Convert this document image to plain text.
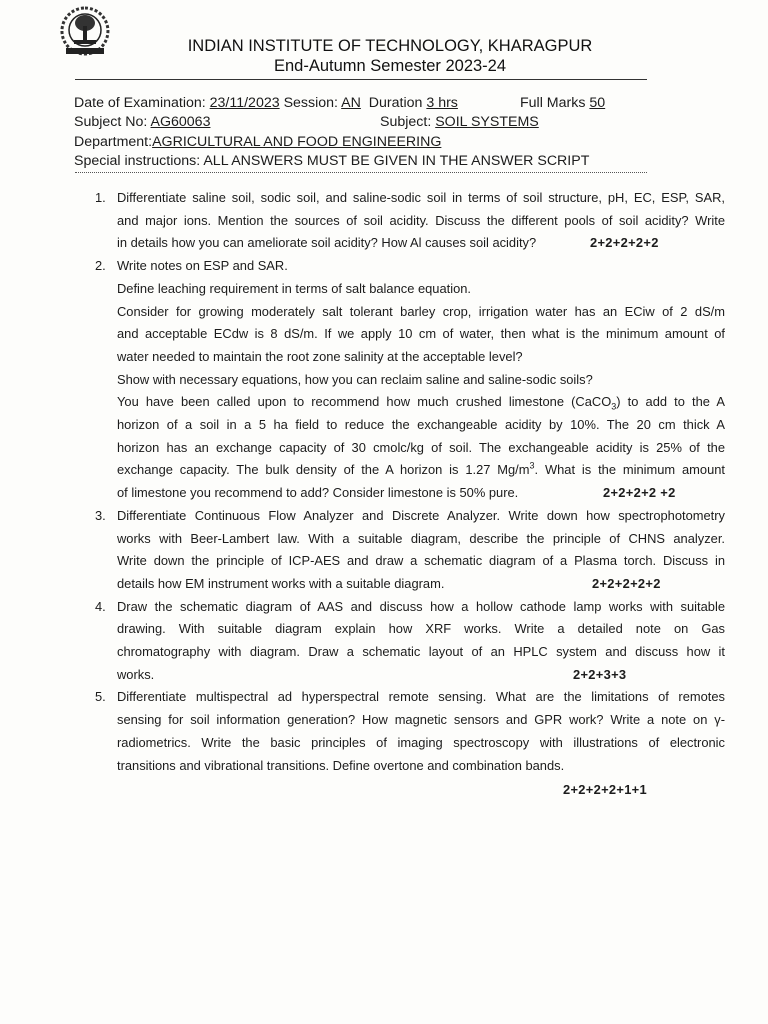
INDIAN INSTITUTE OF TECHNOLOGY, KHARAGPUR
End-Autumn Semester 2023-24
Date of Examination: 23/11/2023 Session: AN Duration 3 hrs	Full Marks 50
Subject No: AG60063	Subject: SOIL SYSTEMS
Department:AGRICULTURAL AND FOOD ENGINEERING
Special instructions: ALL ANSWERS MUST BE GIVEN IN THE ANSWER SCRIPT
1. Differentiate saline soil, sodic soil, and saline-sodic soil in terms of soil structure, pH, EC, ESP, SAR,
and major ions. Mention the sources of soil acidity. Discuss the different pools of soil acidity? Write
in details how you can ameliorate soil acidity? How Al causes soil acidity?	2+2+2+2+2
2. Write notes on ESP and SAR.
Define leaching requirement in terms of salt balance equation.
Consider for growing moderately salt tolerant barley crop, irrigation water has an ECiw of 2 dS/m
and acceptable ECdw is 8 dS/m. If we apply 10 cm of water, then what is the minimum amount of
water needed to maintain the root zone salinity at the acceptable level?
Show with necessary equations, how you can reclaim saline and saline-sodic soils?
You have been called upon to recommend how much crushed limestone (CaCO$_3$) to add to the A
horizon of a soil in a 5 ha field to reduce the exchangeable acidity by 10%. The 20 cm thick A
horizon has an exchange capacity of 30 cmolc/kg of soil. The exchangeable acidity is 25% of the
exchange capacity. The bulk density of the A horizon is 1.27 $Mg/m^3$. What is the minimum amount
of limestone you recommend to add? Consider limestone is 50% pure.	2+2+2+2 +2
3. Differentiate Continuous Flow Analyzer and Discrete Analyzer. Write down how spectrophotometry
works with Beer-Lambert law. With a suitable diagram, describe the principle of CHNS analyzer.
Write down the principle of ICP-AES and draw a schematic diagram of a Plasma torch. Discuss in
details how EM instrument works with a suitable diagram.	2+2+2+2+2
4. Draw the schematic diagram of AAS and discuss how a hollow cathode lamp works with suitable
drawing. With suitable diagram explain how XRF works. Write a detailed note on Gas
chromatography with diagram. Draw a schematic layout of an HPLC system and discuss how it
works.	2+2+3+3
5. Differentiate multispectral ad hyperspectral remote sensing. What are the limitations of remotes
sensing for soil information generation? How magnetic sensors and GPR work? Write a note on γ-
radiometrics. Write the basic principles of imaging spectroscopy with illustrations of electronic
transitions and vibrational transitions. Define overtone and combination bands.
2+2+2+2+1+1
